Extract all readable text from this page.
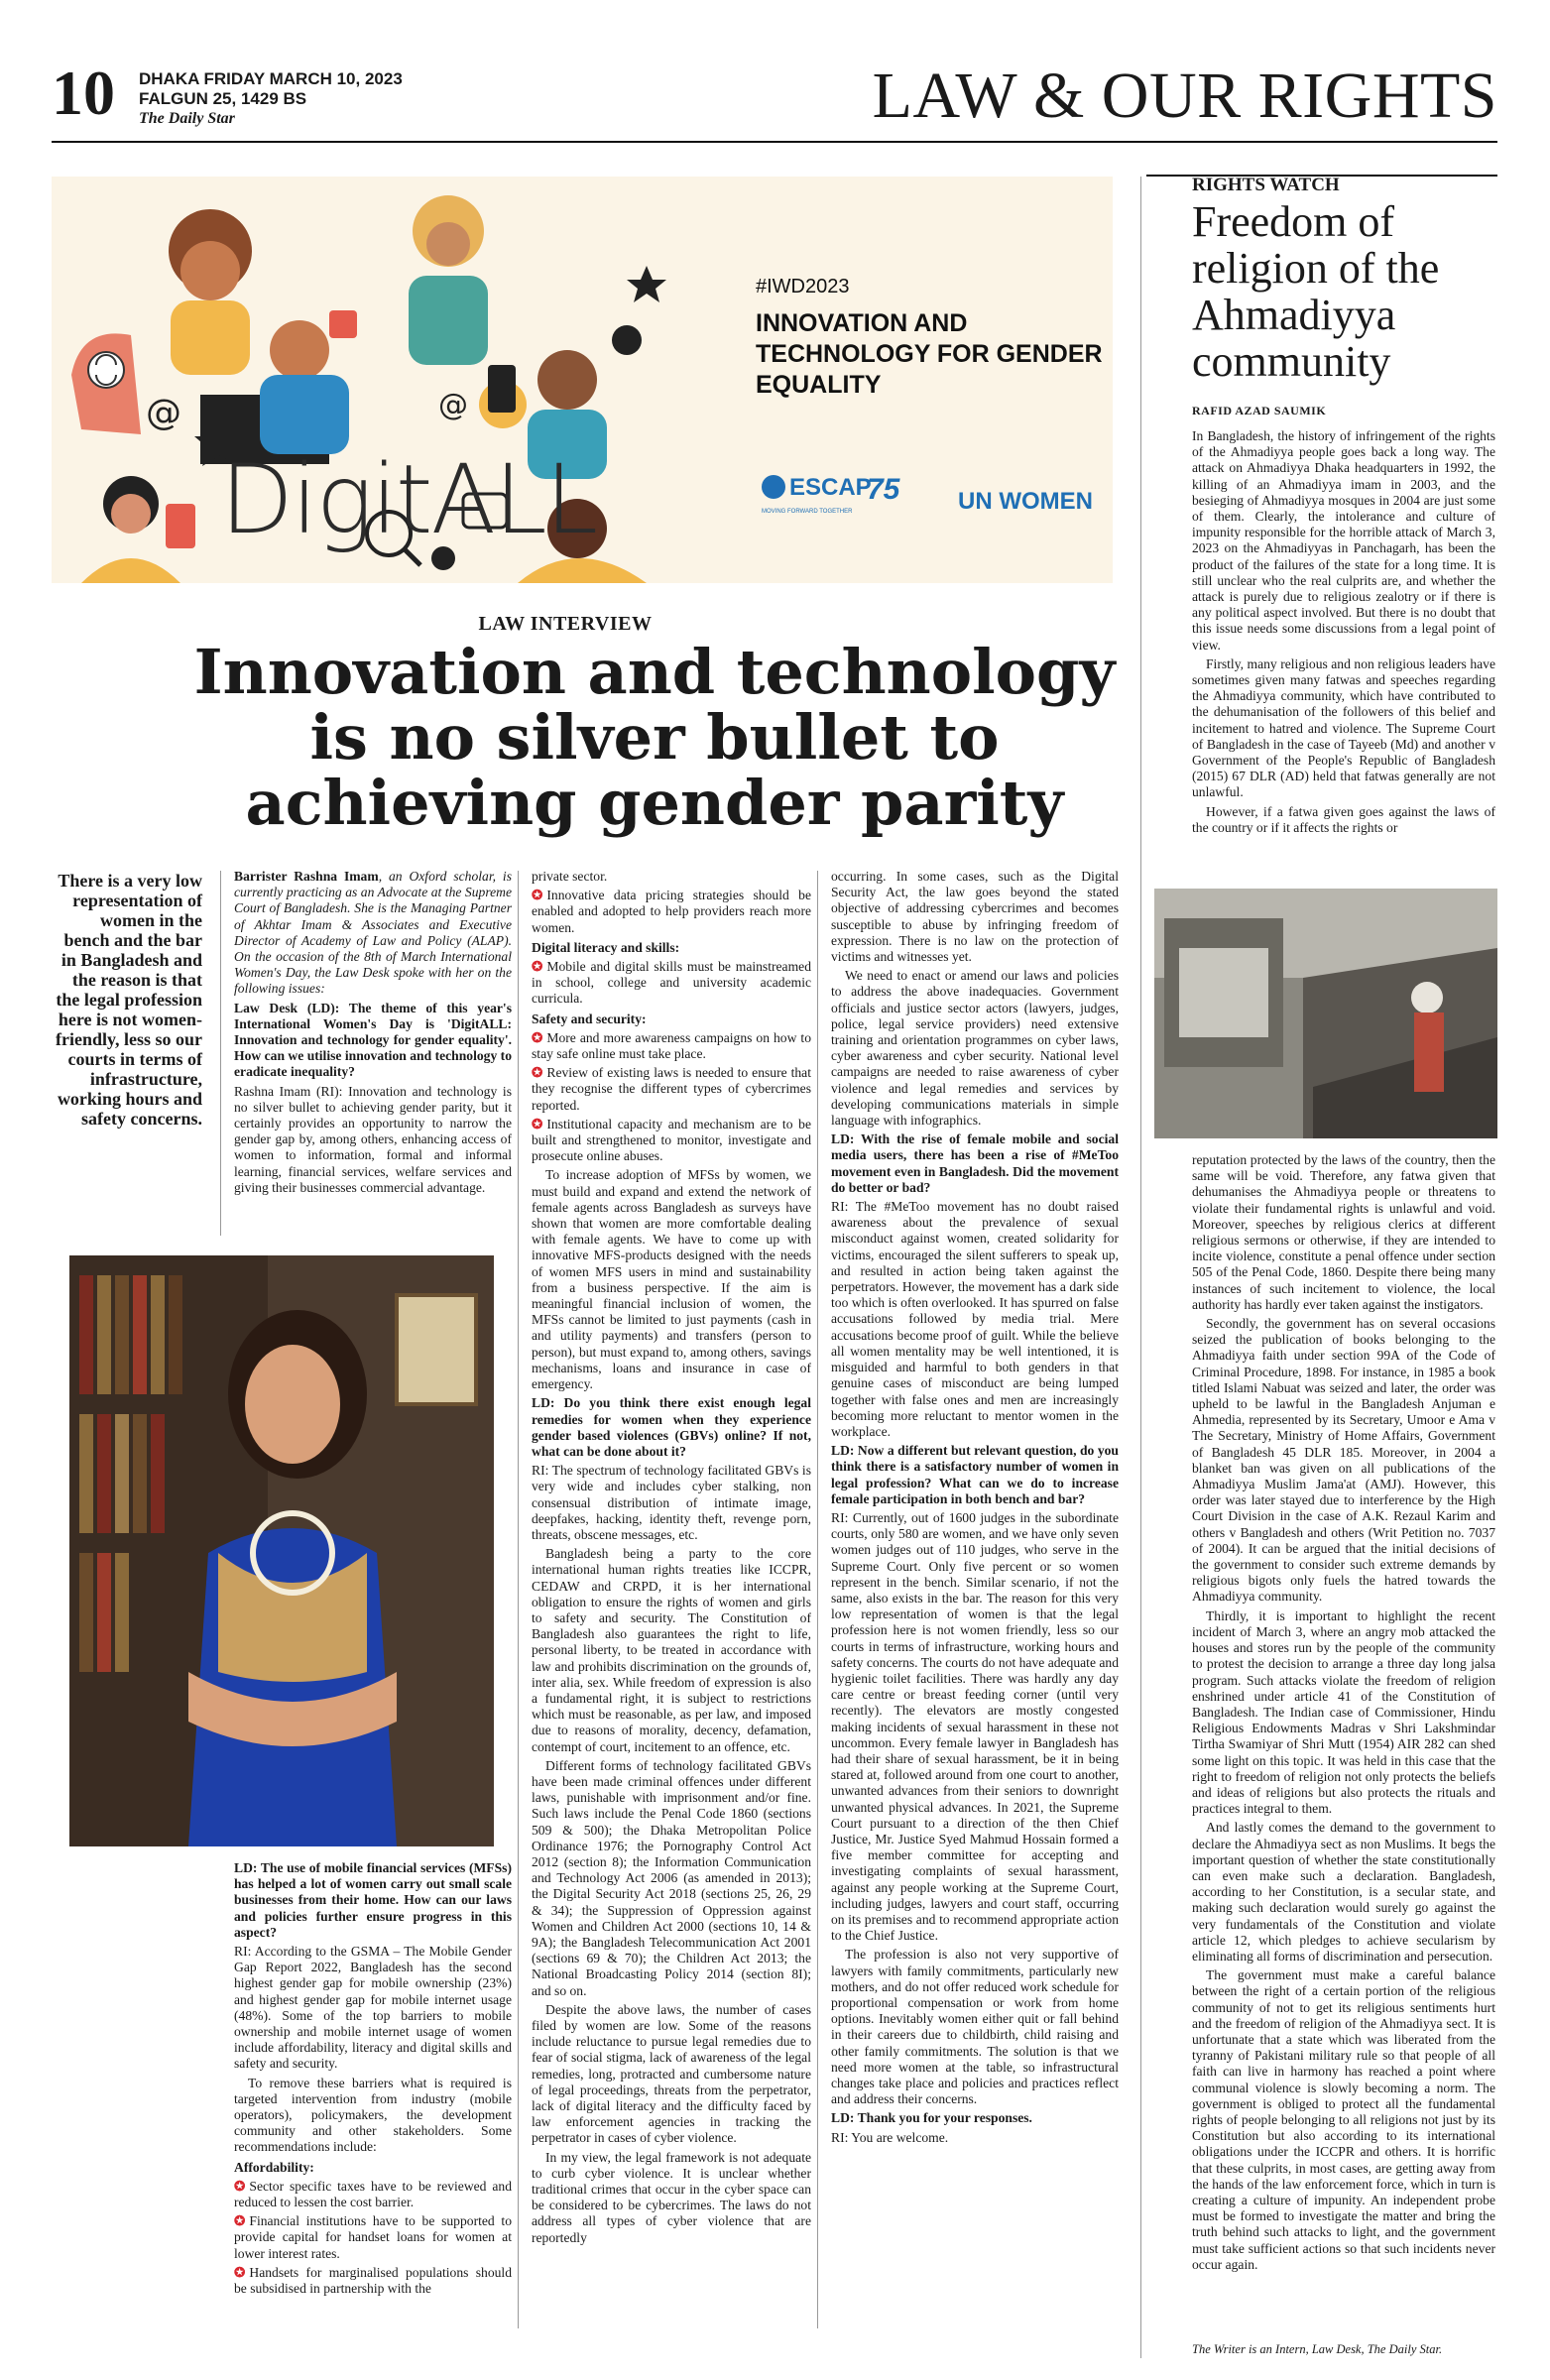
10 DHAKA FRIDAY MARCH 10, 2023
FALGUN 25, 1429 BS
The Daily Star	LAW & OUR RIGHTS
@	@
DigitALL
#IWD2023
INNOVATION AND TECHNOLOGY FOR GENDER EQUALITY
ESCAP
75
MOVING FORWARD TOGETHER	UN WOMEN
LAW INTERVIEW
Innovation and technology is no silver bullet to achieving gender parity
There is a very low representation of women in the bench and the bar in Bangladesh and the reason is that the legal profession here is not women-friendly, less so our courts in terms of infrastructure, working hours and safety concerns.

Barrister Rashna Imam, an Oxford scholar, is currently practicing as an Advocate at the Supreme Court of Bangladesh. She is the Managing Partner of Akhtar Imam & Associates and Executive Director of Academy of Law and Policy (ALAP). On the occasion of the 8th of March International Women's Day, the Law Desk spoke with her on the following issues:

Law Desk (LD): The theme of this year's International Women's Day is 'DigitALL: Innovation and technology for gender equality'. How can we utilise innovation and technology to eradicate inequality?

Rashna Imam (RI): Innovation and technology is no silver bullet to achieving gender parity, but it certainly provides an opportunity to narrow the gender gap by, among others, enhancing access of women to information, formal and informal learning, financial services, welfare services and giving their businesses commercial advantage.

LD: The use of mobile financial services (MFSs) has helped a lot of women carry out small scale businesses from their home. How can our laws and policies further ensure progress in this aspect?

RI: According to the GSMA – The Mobile Gender Gap Report 2022, Bangladesh has the second highest gender gap for mobile ownership (23%) and highest gender gap for mobile internet usage (48%). Some of the top barriers to mobile ownership and mobile internet usage of women include affordability, literacy and digital skills and safety and security.

To remove these barriers what is required is targeted intervention from industry (mobile operators), policymakers, the development community and other stakeholders. Some recommendations include:

Affordability:

✪ Sector specific taxes have to be reviewed and reduced to lessen the cost barrier.

✪ Financial institutions have to be supported to provide capital for handset loans for women at lower interest rates.

✪ Handsets for marginalised populations should be subsidised in partnership with the

private sector.

✪ Innovative data pricing strategies should be enabled and adopted to help providers reach more women.

Digital literacy and skills:

✪ Mobile and digital skills must be mainstreamed in school, college and university academic curricula.

Safety and security:

✪ More and more awareness campaigns on how to stay safe online must take place.

✪ Review of existing laws is needed to ensure that they recognise the different types of cybercrimes reported.

✪ Institutional capacity and mechanism are to be built and strengthened to monitor, investigate and prosecute online abuses.

To increase adoption of MFSs by women, we must build and expand and extend the network of female agents across Bangladesh as surveys have shown that women are more comfortable dealing with female agents. We have to come up with innovative MFS-products designed with the needs of women MFS users in mind and sustainability from a business perspective. If the aim is meaningful financial inclusion of women, the MFSs cannot be limited to just payments (cash in and utility payments) and transfers (person to person), but must expand to, among others, savings mechanisms, loans and insurance in case of emergency.

LD: Do you think there exist enough legal remedies for women when they experience gender based violences (GBVs) online? If not, what can be done about it?

RI: The spectrum of technology facilitated GBVs is very wide and includes cyber stalking, non consensual distribution of intimate image, deepfakes, hacking, identity theft, revenge porn, threats, obscene messages, etc.

Bangladesh being a party to the core international human rights treaties like ICCPR, CEDAW and CRPD, it is her international obligation to ensure the rights of women and girls to safety and security. The Constitution of Bangladesh also guarantees the right to life, personal liberty, to be treated in accordance with law and prohibits discrimination on the grounds of, inter alia, sex. While freedom of expression is also a fundamental right, it is subject to restrictions which must be reasonable, as per law, and imposed due to reasons of morality, decency, defamation, contempt of court, incitement to an offence, etc.

Different forms of technology facilitated GBVs have been made criminal offences under different laws, punishable with imprisonment and/or fine. Such laws include the Penal Code 1860 (sections 509 & 500); the Dhaka Metropolitan Police Ordinance 1976; the Pornography Control Act 2012 (section 8); the Information Communication and Technology Act 2006 (as amended in 2013); the Digital Security Act 2018 (sections 25, 26, 29 & 34); the Suppression of Oppression against Women and Children Act 2000 (sections 10, 14 & 9A); the Bangladesh Telecommunication Act 2001 (sections 69 & 70); the Children Act 2013; the National Broadcasting Policy 2014 (section 8I); and so on.

Despite the above laws, the number of cases filed by women are low. Some of the reasons include reluctance to pursue legal remedies due to fear of social stigma, lack of awareness of the legal remedies, long, protracted and cumbersome nature of legal proceedings, threats from the perpetrator, lack of digital literacy and the difficulty faced by law enforcement agencies in tracking the perpetrator in cases of cyber violence.

In my view, the legal framework is not adequate to curb cyber violence. It is unclear whether traditional crimes that occur in the cyber space can be considered to be cybercrimes. The laws do not address all types of cyber violence that are reportedly

occurring. In some cases, such as the Digital Security Act, the law goes beyond the stated objective of addressing cybercrimes and becomes susceptible to abuse by infringing freedom of expression. There is no law on the protection of victims and witnesses yet.

We need to enact or amend our laws and policies to address the above inadequacies. Government officials and justice sector actors (lawyers, judges, police, legal service providers) need extensive training and orientation programmes on cyber laws, cyber awareness and cyber security. National level campaigns are needed to raise awareness of cyber violence and legal remedies and services by developing communications materials in simple language with infographics.

LD: With the rise of female mobile and social media users, there has been a rise of #MeToo movement even in Bangladesh. Did the movement do better or bad?

RI: The #MeToo movement has no doubt raised awareness about the prevalence of sexual misconduct against women, created solidarity for victims, encouraged the silent sufferers to speak up, and resulted in action being taken against the perpetrators. However, the movement has a dark side too which is often overlooked. It has spurred on false accusations followed by media trial. Mere accusations become proof of guilt. While the believe all women mentality may be well intentioned, it is misguided and harmful to both genders in that genuine cases of misconduct are being lumped together with false ones and men are increasingly becoming more reluctant to mentor women in the workplace.

LD: Now a different but relevant question, do you think there is a satisfactory number of women in legal profession? What can we do to increase female participation in both bench and bar?

RI: Currently, out of 1600 judges in the subordinate courts, only 580 are women, and we have only seven women judges out of 110 judges, who serve in the Supreme Court. Only five percent or so women represent in the bench. Similar scenario, if not the same, also exists in the bar. The reason for this very low representation of women is that the legal profession here is not women friendly, less so our courts in terms of infrastructure, working hours and safety concerns. The courts do not have adequate and hygienic toilet facilities. There was hardly any day care centre or breast feeding corner (until very recently). The elevators are mostly congested making incidents of sexual harassment in these not uncommon. Every female lawyer in Bangladesh has had their share of sexual harassment, be it in being stared at, followed around from one court to another, unwanted advances from their seniors to downright unwanted physical advances. In 2021, the Supreme Court pursuant to a direction of the then Chief Justice, Mr. Justice Syed Mahmud Hossain formed a five member committee for accepting and investigating complaints of sexual harassment, against any people working at the Supreme Court, including judges, lawyers and court staff, occurring on its premises and to recommend appropriate action to the Chief Justice.

The profession is also not very supportive of lawyers with family commitments, particularly new mothers, and do not offer reduced work schedule for proportional compensation or work from home options. Inevitably women either quit or fall behind in their careers due to childbirth, child raising and other family commitments. The solution is that we need more women at the table, so infrastructural changes take place and policies and practices reflect and address their concerns.

LD: Thank you for your responses.

RI: You are welcome.

RIGHTS WATCH
Freedom of religion of the Ahmadiyya community
RAFID AZAD SAUMIK

In Bangladesh, the history of infringement of the rights of the Ahmadiyya people goes back a long way. The attack on Ahmadiyya Dhaka headquarters in 1992, the killing of an Ahmadiyya imam in 2003, and the besieging of Ahmadiyya mosques in 2004 are just some of them. Clearly, the intolerance and culture of impunity responsible for the horrible attack of March 3, 2023 on the Ahmadiyyas in Panchagarh, has been the product of the failures of the state for a long time. It is still unclear who the real culprits are, and whether the attack is purely due to religious zealotry or if there is any political aspect involved. But there is no doubt that this issue needs some discussions from a legal point of view.

Firstly, many religious and non religious leaders have sometimes given many fatwas and speeches regarding the Ahmadiyya community, which have contributed to the dehumanisation of the followers of this belief and incitement to hatred and violence. The Supreme Court of Bangladesh in the case of Tayeeb (Md) and another v Government of the People's Republic of Bangladesh (2015) 67 DLR (AD) held that fatwas generally are not unlawful.

However, if a fatwa given goes against the laws of the country or if it affects the rights or

reputation protected by the laws of the country, then the same will be void. Therefore, any fatwa given that dehumanises the Ahmadiyya people or threatens to violate their fundamental rights is unlawful and void. Moreover, speeches by religious clerics at different religious sermons or otherwise, if they are intended to incite violence, constitute a penal offence under section 505 of the Penal Code, 1860. Despite there being many instances of such incitement to violence, the local authority has hardly ever taken against the instigators.

Secondly, the government has on several occasions seized the publication of books belonging to the Ahmadiyya faith under section 99A of the Code of Criminal Procedure, 1898. For instance, in 1985 a book titled Islami Nabuat was seized and later, the order was upheld to be lawful in the Bangladesh Anjuman e Ahmedia, represented by its Secretary, Umoor e Ama v The Secretary, Ministry of Home Affairs, Government of Bangladesh 45 DLR 185. Moreover, in 2004 a blanket ban was given on all publications of the Ahmadiyya Muslim Jama'at (AMJ). However, this order was later stayed due to interference by the High Court Division in the case of A.K. Rezaul Karim and others v Bangladesh and others (Writ Petition no. 7037 of 2004). It can be argued that the initial decisions of the government to consider such extreme demands by religious bigots only fuels the hatred towards the Ahmadiyya community.

Thirdly, it is important to highlight the recent incident of March 3, where an angry mob attacked the houses and stores run by the people of the community to protest the decision to arrange a three day long jalsa program. Such attacks violate the freedom of religion enshrined under article 41 of the Constitution of Bangladesh. The Indian case of Commissioner, Hindu Religious Endowments Madras v Shri Lakshmindar Tirtha Swamiyar of Shri Mutt (1954) AIR 282 can shed some light on this topic. It was held in this case that the right to freedom of religion not only protects the beliefs and ideas of religions but also protects the rituals and practices integral to them.

And lastly comes the demand to the government to declare the Ahmadiyya sect as non Muslims. It begs the important question of whether the state constitutionally can even make such a declaration. Bangladesh, according to her Constitution, is a secular state, and making such declaration would surely go against the very fundamentals of the Constitution and violate article 12, which pledges to achieve secularism by eliminating all forms of discrimination and persecution.

The government must make a careful balance between the right of a certain portion of the religious community of not to get its religious sentiments hurt and the freedom of religion of the Ahmadiyya sect. It is unfortunate that a state which was liberated from the tyranny of Pakistani military rule so that people of all faith can live in harmony has reached a point where communal violence is slowly becoming a norm. The government is obliged to protect all the fundamental rights of people belonging to all religions not just by its Constitution but also according to its international obligations under the ICCPR and others. It is horrific that these culprits, in most cases, are getting away from the hands of the law enforcement force, which in turn is creating a culture of impunity. An independent probe must be formed to investigate the matter and bring the truth behind such attacks to light, and the government must take sufficient actions so that such incidents never occur again.

The Writer is an Intern, Law Desk, The Daily Star.
